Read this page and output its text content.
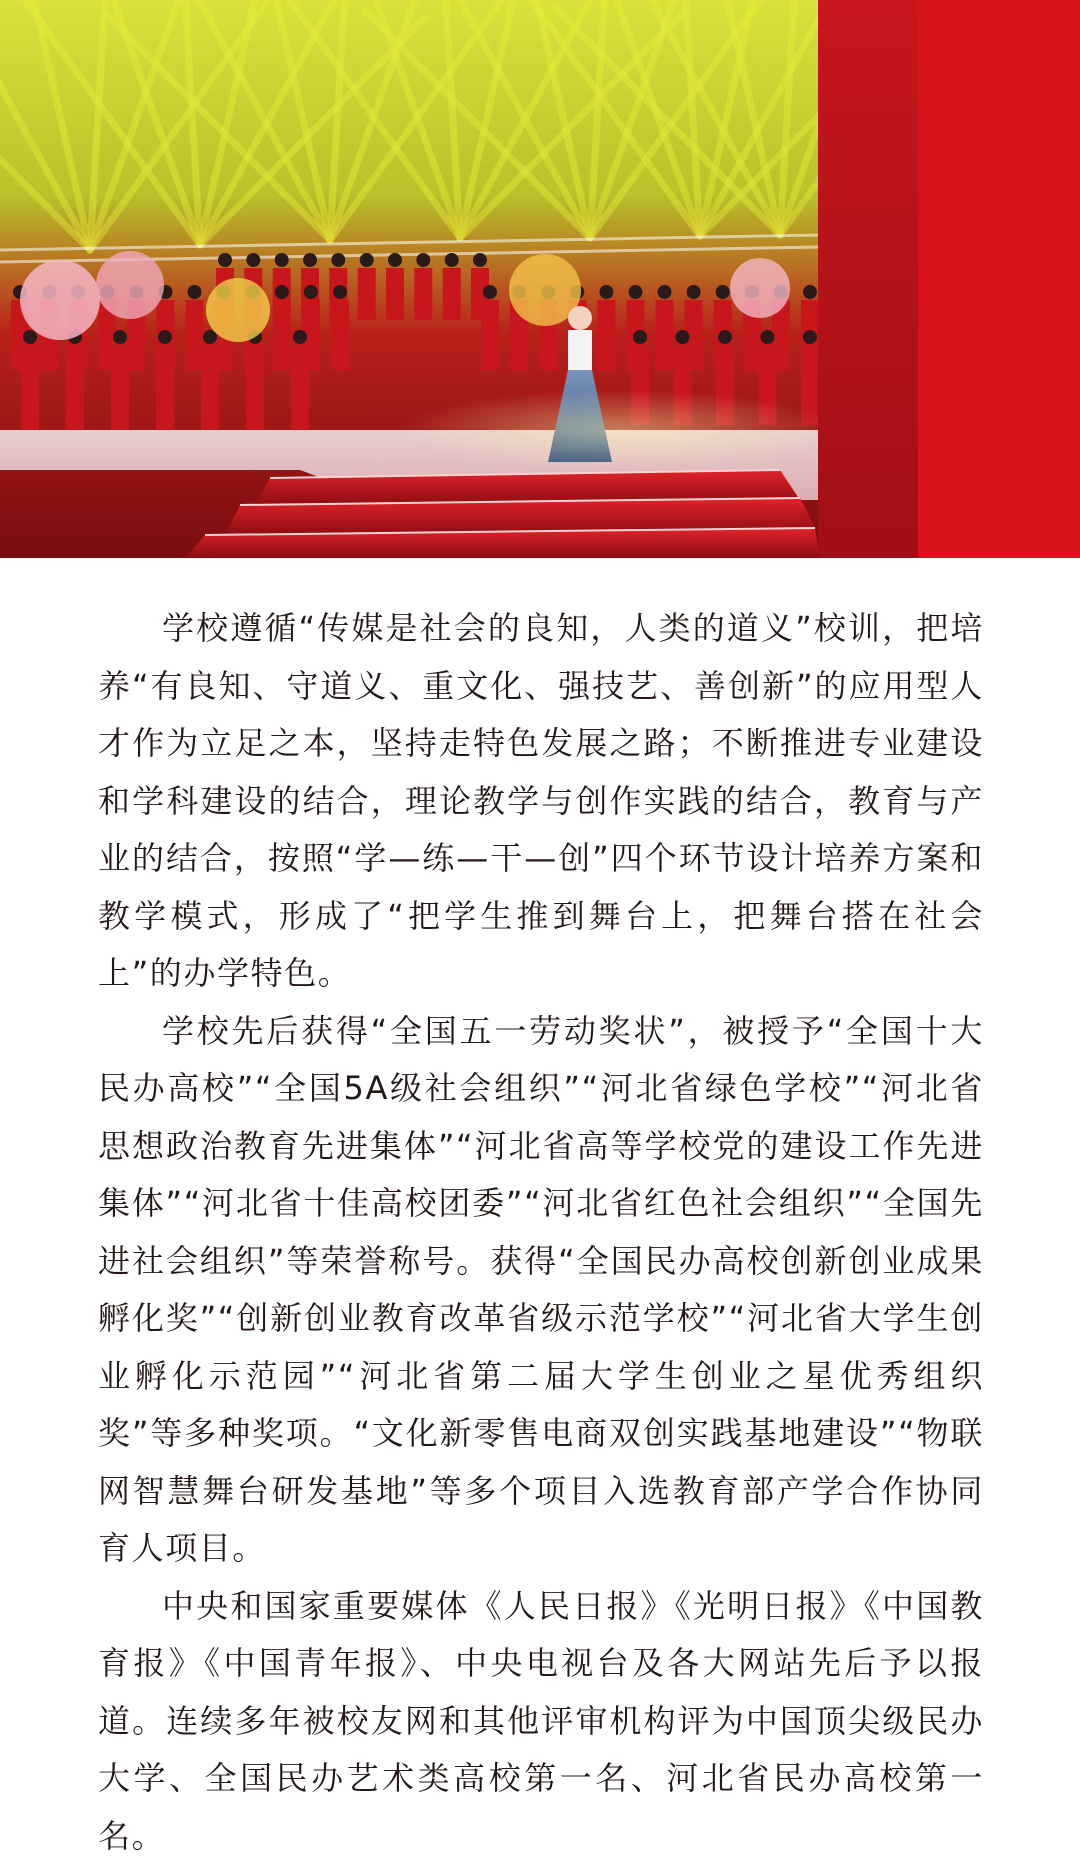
学校遵循“传媒是社会的良知，人类的道义”校训，把培养“有良知、守道义、重文化、强技艺、善创新”的应用型人才作为立足之本，坚持走特色发展之路；不断推进专业建设和学科建设的结合，理论教学与创作实践的结合，教育与产业的结合，按照“学—练—干—创”四个环节设计培养方案和教学模式，形成了“把学生推到舞台上，把舞台搭在社会上”的办学特色。

学校先后获得“全国五一劳动奖状”，被授予“全国十大民办高校”“全国5A级社会组织”“河北省绿色学校”“河北省思想政治教育先进集体”“河北省高等学校党的建设工作先进集体”“河北省十佳高校团委”“河北省红色社会组织”“全国先进社会组织”等荣誉称号。获得“全国民办高校创新创业成果孵化奖”“创新创业教育改革省级示范学校”“河北省大学生创业孵化示范园”“河北省第二届大学生创业之星优秀组织奖”等多种奖项。“文化新零售电商双创实践基地建设”“物联网智慧舞台研发基地”等多个项目入选教育部产学合作协同育人项目。

中央和国家重要媒体《人民日报》《光明日报》《中国教育报》《中国青年报》、中央电视台及各大网站先后予以报道。连续多年被校友网和其他评审机构评为中国顶尖级民办大学、全国民办艺术类高校第一名、河北省民办高校第一名。
